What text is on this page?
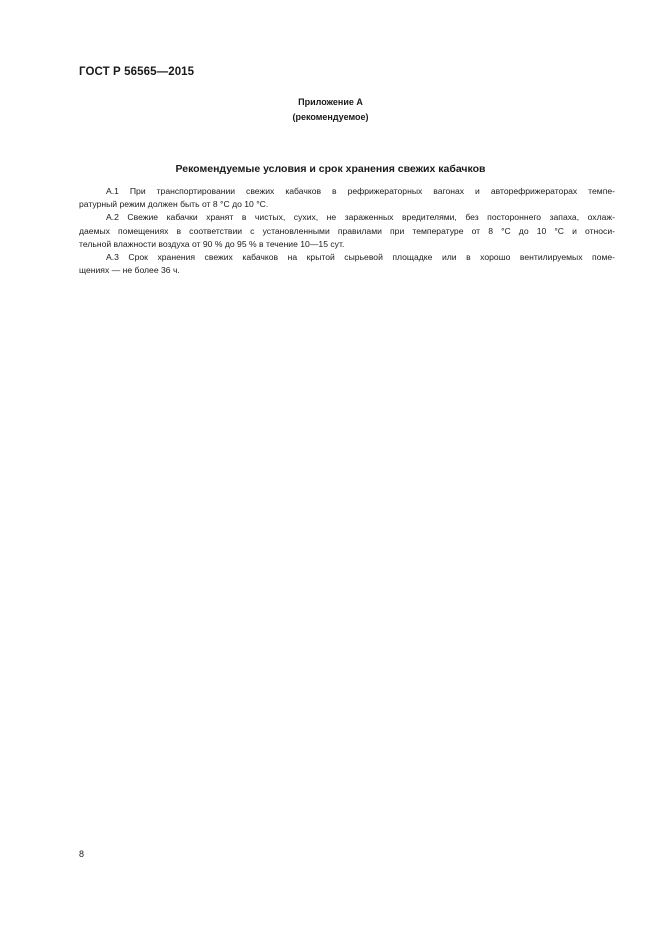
ГОСТ Р 56565—2015
Приложение А
(рекомендуемое)
Рекомендуемые условия и срок хранения свежих кабачков
А.1 При транспортировании свежих кабачков в рефрижераторных вагонах и авторефрижераторах темпе-
ратурный режим должен быть от 8 °С до 10 °С.
А.2 Свежие кабачки хранят в чистых, сухих, не зараженных вредителями, без постороннего запаха, охлаж-
даемых помещениях в соответствии с установленными правилами при температуре от 8 °С до 10 °С и относи-
тельной влажности воздуха от 90 % до 95 % в течение 10—15 сут.
А.3 Срок хранения свежих кабачков на крытой сырьевой площадке или в хорошо вентилируемых поме-
щениях — не более 36 ч.
8
